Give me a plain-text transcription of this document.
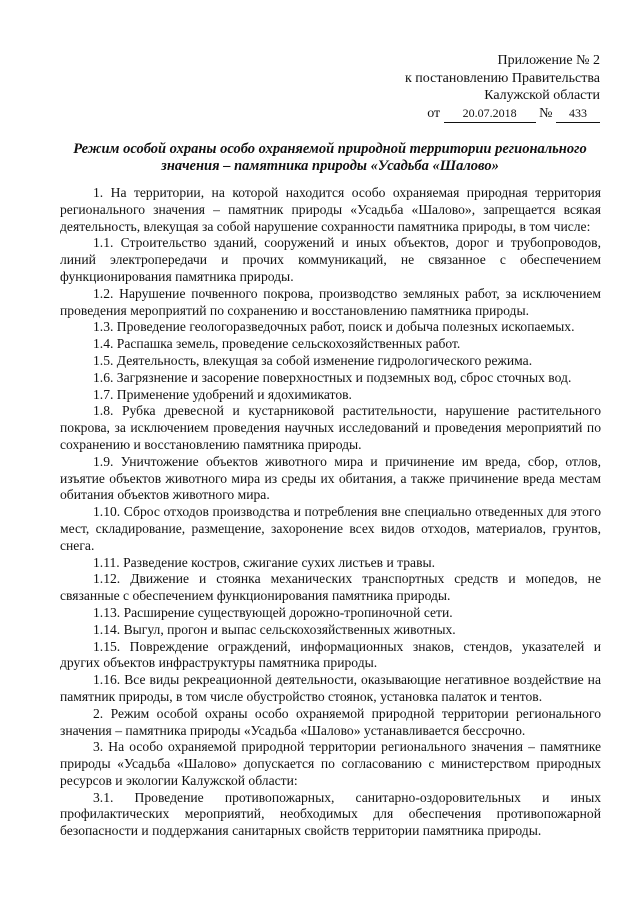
Приложение № 2
к постановлению Правительства
Калужской области
от 20.07.2018 № 433
Режим особой охраны особо охраняемой природной территории регионального
значения – памятника природы «Усадьба «Шалово»

1. На территории, на которой находится особо охраняемая природная территория регионального значения – памятник природы «Усадьба «Шалово», запрещается всякая деятельность, влекущая за собой нарушение сохранности памятника природы, в том числе:

1.1. Строительство зданий, сооружений и иных объектов, дорог и трубопроводов, линий электропередачи и прочих коммуникаций, не связанное с обеспечением функционирования памятника природы.

1.2. Нарушение почвенного покрова, производство земляных работ, за исключением проведения мероприятий по сохранению и восстановлению памятника природы.

1.3. Проведение геологоразведочных работ, поиск и добыча полезных ископаемых.

1.4. Распашка земель, проведение сельскохозяйственных работ.

1.5. Деятельность, влекущая за собой изменение гидрологического режима.

1.6. Загрязнение и засорение поверхностных и подземных вод, сброс сточных вод.

1.7. Применение удобрений и ядохимикатов.

1.8. Рубка древесной и кустарниковой растительности, нарушение растительного покрова, за исключением проведения научных исследований и проведения мероприятий по сохранению и восстановлению памятника природы.

1.9. Уничтожение объектов животного мира и причинение им вреда, сбор, отлов, изъятие объектов животного мира из среды их обитания, а также причинение вреда местам обитания объектов животного мира.

1.10. Сброс отходов производства и потребления вне специально отведенных для этого мест, складирование, размещение, захоронение всех видов отходов, материалов, грунтов, снега.

1.11. Разведение костров, сжигание сухих листьев и травы.

1.12. Движение и стоянка механических транспортных средств и мопедов, не связанные с обеспечением функционирования памятника природы.

1.13. Расширение существующей дорожно-тропиночной сети.

1.14. Выгул, прогон и выпас сельскохозяйственных животных.

1.15. Повреждение ограждений, информационных знаков, стендов, указателей и других объектов инфраструктуры памятника природы.

1.16. Все виды рекреационной деятельности, оказывающие негативное воздействие на памятник природы, в том числе обустройство стоянок, установка палаток и тентов.

2. Режим особой охраны особо охраняемой природной территории регионального значения – памятника природы «Усадьба «Шалово» устанавливается бессрочно.

3. На особо охраняемой природной территории регионального значения – памятнике природы «Усадьба «Шалово» допускается по согласованию с министерством природных ресурсов и экологии Калужской области:

3.1. Проведение противопожарных, санитарно-оздоровительных и иных профилактических мероприятий, необходимых для обеспечения противопожарной безопасности и поддержания санитарных свойств территории памятника природы.
